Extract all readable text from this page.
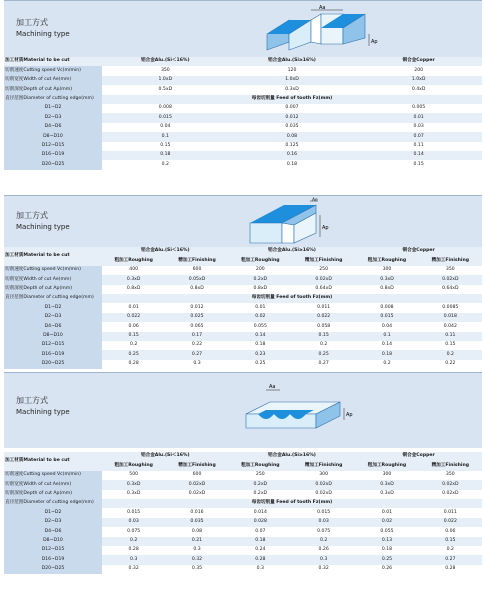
加工方式
Machining type
Aa
Ap
加工材质Material to be cut	铝合金Alu.(Si＜16%)	铝合金Alu.(Si≥16%)	铜合金Copper
切削速度Cutting speed Vc(m/min)	350	120	200
切削宽度Width of cut Ae(mm)	1.0xD	1.0xD	1.0xD
切削深度Depth of cut Ap(mm)	0.5xD	0.3xD	0.4xD
直径范围Diameter of cutting edge(mm)	每齿切削量 Feed of tooth Fz(mm)		
D1~D2	0.008	0.007	0.005
D2~D3	0.015	0.012	0.01
D4~D6	0.04	0.035	0.03
D8~D10	0.1	0.08	0.07
D12~D15	0.15	0.125	0.11
D16~D19	0.18	0.16	0.14
D20~D25	0.2	0.18	0.15
加工方式
Machining type
Ae
Ap
加工材质Material to be cut	铝合金Alu.(Si＜16%)		铝合金Alu.(Si≥16%)		铜合金Copper	
	粗加工Roughing	精加工Finishing	粗加工Roughing	精加工Finishing	粗加工Roughing	精加工Finishing
切削速度Cutting speed Vc(m/min)	400	600	200	250	300	350
切削宽度Width of cut Ae(mm)	0.3xD	0.05xD	0.2xD	0.02xD	0.3xD	0.02xD
切削深度Depth of cut Ap(mm)	0.8xD	0.8xD	0.8xD	0.64xD	0.8xD	0.64xD
直径范围Diameter of cutting edge(mm)	每齿切削量 Feed of tooth Fz(mm)					
D1~D2	0.01	0.012	0.01	0.011	0.008	0.0085
D2~D3	0.022	0.025	0.02	0.022	0.015	0.018
D4~D6	0.06	0.065	0.055	0.058	0.04	0.042
D8~D10	0.15	0.17	0.14	0.15	0.1	0.11
D12~D15	0.2	0.22	0.18	0.2	0.14	0.15
D16~D19	0.25	0.27	0.23	0.25	0.18	0.2
D20~D25	0.28	0.3	0.25	0.27	0.2	0.22
加工方式
Machining type
Aa
Ap
加工材质Material to be cut	铝合金Alu.(Si＜16%)		铝合金Alu.(Si≥16%)		铜合金Copper	
	粗加工Roughing	精加工Finishing	粗加工Roughing	精加工Finishing	粗加工Roughing	精加工Finishing
切削速度Cutting speed Vc(m/min)	500	600	250	300	300	350
切削宽度Width of cut Ae(mm)	0.3xD	0.02xD	0.2xD	0.02xD	0.3xD	0.02xD
切削深度Depth of cut Ap(mm)	0.3xD	0.02xD	0.2xD	0.02xD	0.3xD	0.02xD
直径范围Diameter of cutting edge(mm)	每齿切削量 Feed of tooth Fz(mm)					
D1~D2	0.015	0.016	0.014	0.015	0.01	0.011
D2~D3	0.03	0.035	0.028	0.03	0.02	0.022
D4~D6	0.075	0.08	0.07	0.075	0.055	0.06
D8~D10	0.2	0.21	0.18	0.2	0.13	0.15
D12~D15	0.28	0.3	0.24	0.26	0.18	0.2
D16~D19	0.3	0.32	0.28	0.3	0.25	0.27
D20~D25	0.32	0.35	0.3	0.32	0.26	0.28
